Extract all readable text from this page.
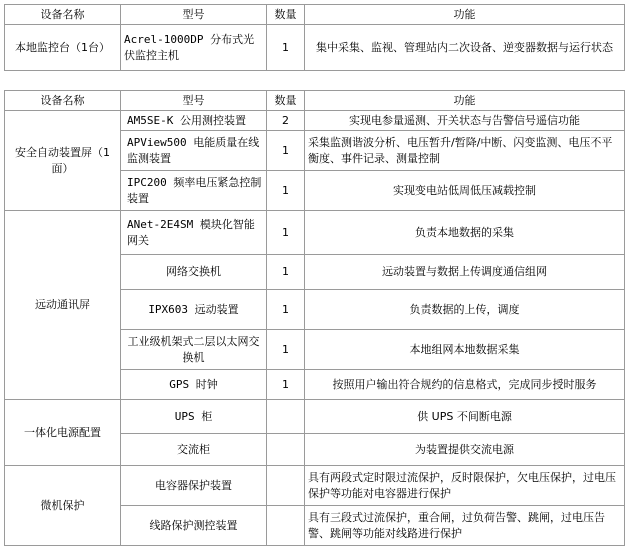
设备名称	型号	数量	功能
本地监控台（1台）	Acrel-1000DP 分布式光伏监控主机	1	集中采集、监视、管理站内二次设备、逆变器数据与运行状态
设备名称	型号	数量	功能
安全自动装置屏（1面）	AM5SE-K 公用测控装置	2	实现电参量遥测、开关状态与告警信号遥信功能
	APView500 电能质量在线监测装置	1	采集监测谐波分析、电压暂升/暂降/中断、闪变监测、电压不平衡度、事件记录、测量控制
	IPC200 频率电压紧急控制装置	1	实现变电站低周低压减载控制
远动通讯屏	ANet-2E4SM 模块化智能网关	1	负责本地数据的采集
	网络交换机	1	远动装置与数据上传调度通信组网
	IPX603 远动装置	1	负责数据的上传，调度
	工业级机架式二层以太网交换机	1	本地组网本地数据采集
	GPS 时钟	1	按照用户输出符合规约的信息格式，完成同步授时服务
一体化电源配置	UPS 柜		供 UPS 不间断电源
	交流柜		为装置提供交流电源
微机保护	电容器保护装置		具有两段式定时限过流保护，反时限保护，欠电压保护，过电压保护等功能对电容器进行保护
	线路保护测控装置		具有三段式过流保护，重合闸，过负荷告警、跳闸，过电压告警、跳闸等功能对线路进行保护
